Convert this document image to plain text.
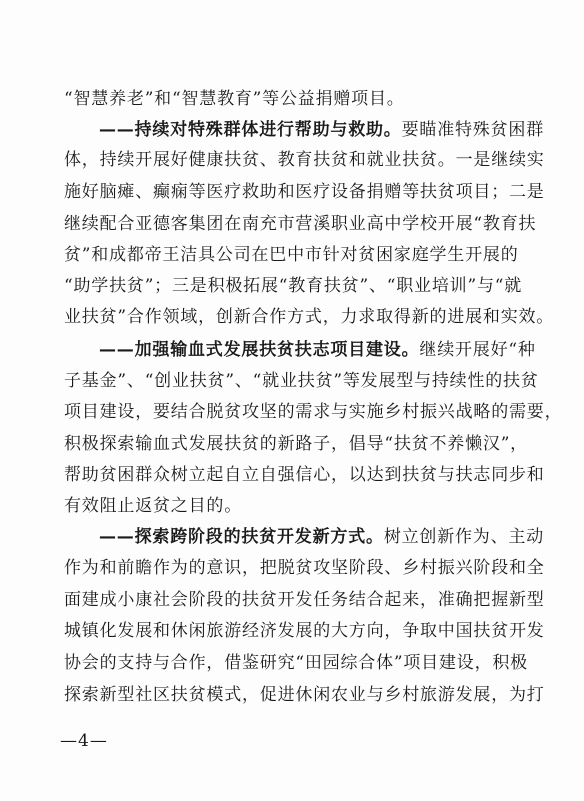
“智慧养老”和“智慧教育”等公益捐赠项目。
——持续对特殊群体进行帮助与救助。要瞄准特殊贫困群
体，持续开展好健康扶贫、教育扶贫和就业扶贫。一是继续实
施好脑瘫、癫痫等医疗救助和医疗设备捐赠等扶贫项目；二是
继续配合亚德客集团在南充市营溪职业高中学校开展“教育扶
贫”和成都帝王洁具公司在巴中市针对贫困家庭学生开展的
“助学扶贫”；三是积极拓展“教育扶贫”、“职业培训”与“就
业扶贫”合作领域，创新合作方式，力求取得新的进展和实效。
——加强输血式发展扶贫扶志项目建设。继续开展好“种
子基金”、“创业扶贫”、“就业扶贫”等发展型与持续性的扶贫
项目建设，要结合脱贫攻坚的需求与实施乡村振兴战略的需要，
积极探索输血式发展扶贫的新路子，倡导“扶贫不养懒汉”，
帮助贫困群众树立起自立自强信心，以达到扶贫与扶志同步和
有效阻止返贫之目的。
——探索跨阶段的扶贫开发新方式。树立创新作为、主动
作为和前瞻作为的意识，把脱贫攻坚阶段、乡村振兴阶段和全
面建成小康社会阶段的扶贫开发任务结合起来，准确把握新型
城镇化发展和休闲旅游经济发展的大方向，争取中国扶贫开发
协会的支持与合作，借鉴研究“田园综合体”项目建设，积极
探索新型社区扶贫模式，促进休闲农业与乡村旅游发展，为打
—4—
